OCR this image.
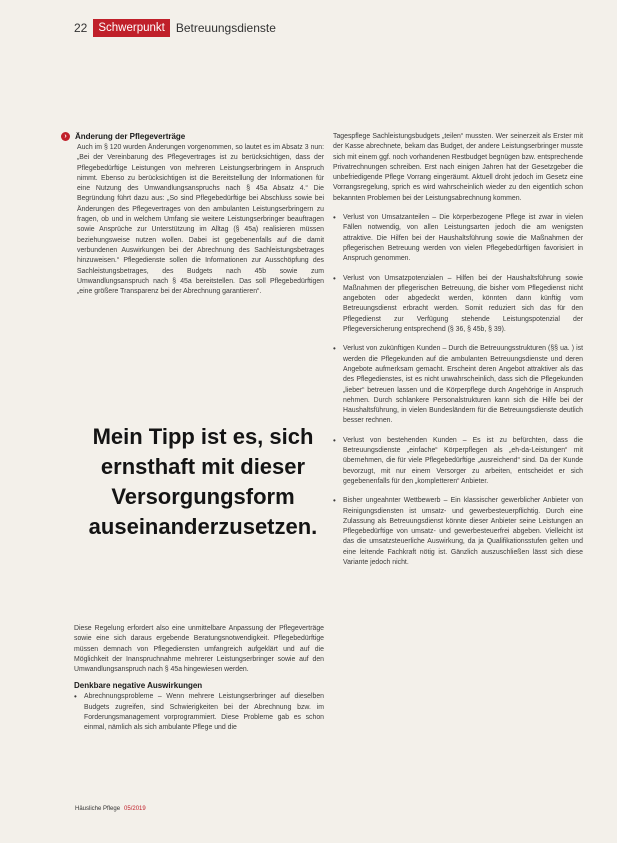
22 Schwerpunkt Betreuungsdienste
›	Änderung der Pflegeverträge
Auch im § 120 wurden Änderungen vorgenommen, so lautet es im Absatz 3 nun: „Bei der Vereinbarung des Pflegevertrages ist zu berücksichtigen, dass der Pflegebedürftige Leistungen von mehreren Leistungserbringern in Anspruch nimmt. Ebenso zu berücksichtigen ist die Bereitstellung der Informationen für eine Nutzung des Umwandlungsanspruchs nach § 45a Absatz 4.“ Die Begründung führt dazu aus: „So sind Pflegebedürftige bei Abschluss sowie bei Änderungen des Pflegevertrages von den ambulanten Leistungserbringern zu fragen, ob und in welchem Umfang sie weitere Leistungserbringer beauftragen sowie Ansprüche zur Unterstützung im Alltag (§ 45a) realisieren müssen beziehungsweise nutzen wollen. Dabei ist gegebenenfalls auf die damit verbundenen Auswirkungen bei der Abrechnung des Sachleistungsbetrages hinzuweisen.“ Pflegedienste sollen die Informationen zur Ausschöpfung des Sachleistungsbetrages, des Budgets nach 45b sowie zum Umwandlungsanspruch nach § 45a bereitstellen. Das soll Pflegebedürftigen „eine größere Transparenz bei der Abrechnung garantieren“.
Mein Tipp ist es, sich ernsthaft mit dieser Versorgungsform auseinanderzusetzen.
Diese Regelung erfordert also eine unmittelbare Anpassung der Pflegeverträge sowie eine sich daraus ergebende Beratungsnotwendigkeit. Pflegebedürftige müssen demnach von Pflegediensten umfangreich aufgeklärt und auf die Möglichkeit der Inanspruchnahme mehrerer Leistungserbringer sowie auf den Umwandlungsanspruch nach § 45a hingewiesen werden.
Denkbare negative Auswirkungen
• Abrechnungsprobleme – Wenn mehrere Leistungserbringer auf dieselben Budgets zugreifen, sind Schwierigkeiten bei der Abrechnung bzw. im Forderungsmanagement vorprogrammiert. Diese Probleme gab es schon einmal, nämlich als sich ambulante Pflege und die
Tagespflege Sachleistungsbudgets „teilen“ mussten. Wer seinerzeit als Erster mit der Kasse abrechnete, bekam das Budget, der andere Leistungserbringer musste sich mit einem ggf. noch vorhandenen Restbudget begnügen bzw. entsprechende Privatrechnungen schreiben. Erst nach einigen Jahren hat der Gesetzgeber die unbefriedigende Pflege Vorrang eingeräumt. Aktuell droht jedoch im Gesetz eine Vorrangsregelung, sprich es wird wahrscheinlich wieder zu den eigentlich schon bekannten Problemen bei der Leistungsabrechnung kommen.
• Verlust von Umsatzanteilen – Die körperbezogene Pflege ist zwar in vielen Fällen notwendig, von allen Leistungsarten jedoch die am wenigsten attraktive. Die Hilfen bei der Haushaltsführung sowie die Maßnahmen der pflegerischen Betreuung werden von vielen Pflegebedürftigen favorisiert in Anspruch genommen.
• Verlust von Umsatzpotenzialen – Hilfen bei der Haushaltsführung sowie Maßnahmen der pflegerischen Betreuung, die bisher vom Pflegedienst nicht angeboten oder abgedeckt werden, könnten dann künftig vom Betreuungsdienst erbracht werden. Somit reduziert sich das für den Pflegedienst zur Verfügung stehende Leistungspotenzial der Pflegeversicherung entsprechend (§ 36, § 45b, § 39).
• Verlust von zukünftigen Kunden – Durch die Betreuungsstrukturen (§§ ua. ) ist werden die Pflegekunden auf die ambulanten Betreuungsdienste und deren Angebote aufmerksam gemacht. Erscheint deren Angebot attraktiver als das des Pflegedienstes, ist es nicht unwahrscheinlich, dass sich die Pflegekunden „lieber“ betreuen lassen und die Körperpflege durch Angehörige in Anspruch nehmen. Durch schlankere Personalstrukturen kann sich die Hilfe bei der Haushaltsführung, in vielen Bundesländern für die Betreuungsdienste deutlich besser rechnen.
• Verlust von bestehenden Kunden – Es ist zu befürchten, dass die Betreuungsdienste „einfache“ Körperpflegen als „eh-da-Leistungen“ mit übernehmen, die für viele Pflegebedürftige „ausreichend“ sind. Da der Kunde bevorzugt, mit nur einem Versorger zu arbeiten, entscheidet er sich gegebenenfalls für den „kompletteren“ Anbieter.
• Bisher ungeahnter Wettbewerb – Ein klassischer gewerblicher Anbieter von Reinigungsdiensten ist umsatz- und gewerbesteuerpflichtig. Durch eine Zulassung als Betreuungsdienst könnte dieser Anbieter seine Leistungen an Pflegebedürftige von umsatz- und gewerbesteuerfrei abgeben. Vielleicht ist das die umsatzsteuerliche Auswirkung, da ja Qualifikationsstufen gelten und eine leitende Fachkraft nötig ist. Gänzlich auszuschließen lässt sich diese Variante jedoch nicht.
Häusliche Pflege 05/2019
